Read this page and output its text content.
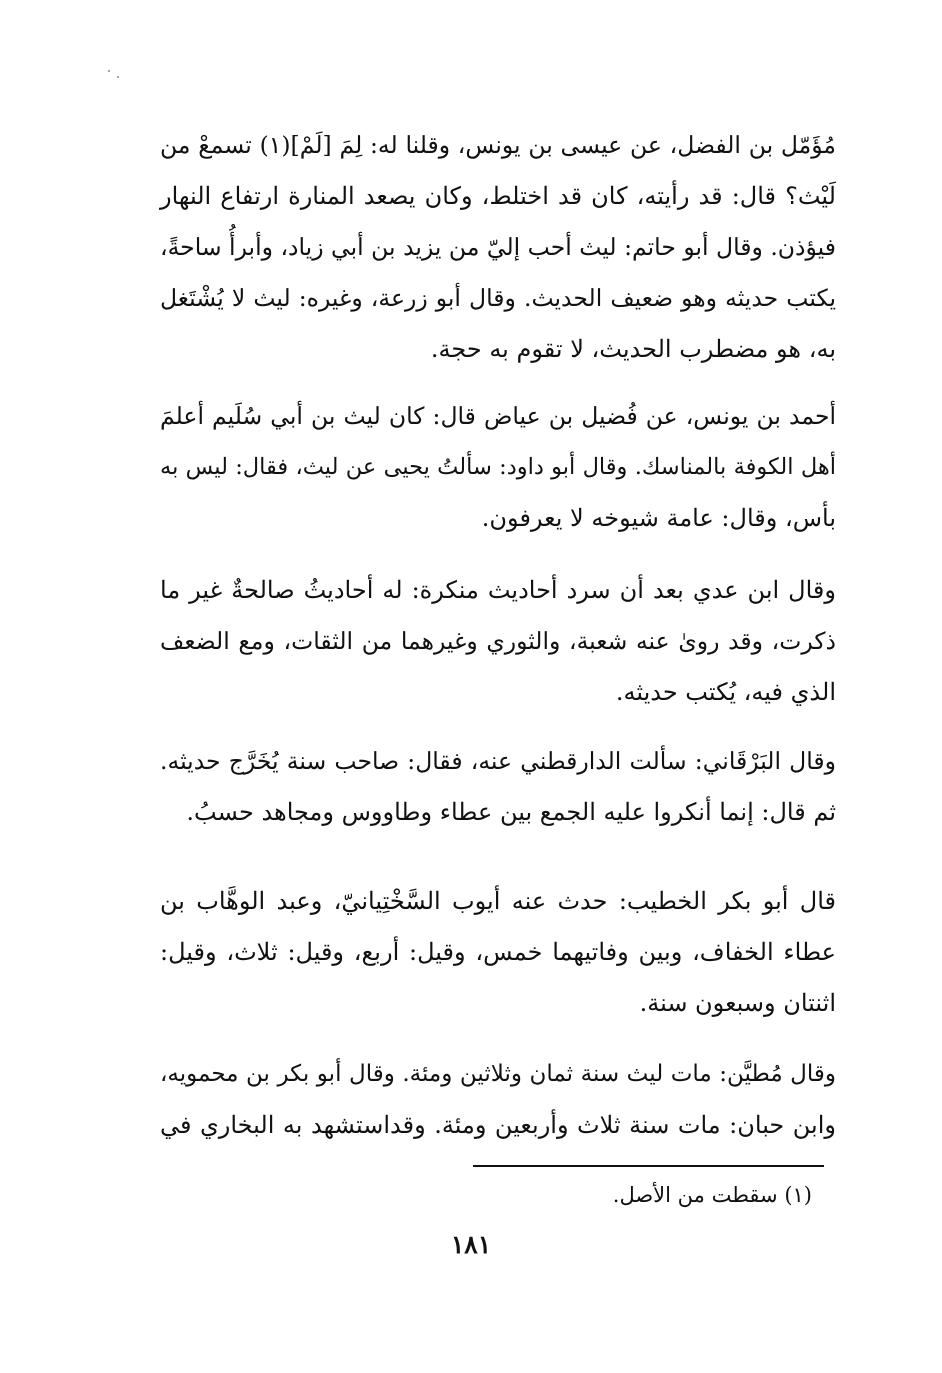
مُؤَمّل بن الفضل، عن عيسى بن يونس، وقلنا له: لِمَ [لَمْ](١) تسمعْ من
لَيْث؟ قال: قد رأيته، كان قد اختلط، وكان يصعد المنارة ارتفاع النهار
فيؤذن. وقال أبو حاتم: ليث أحب إليّ من يزيد بن أبي زياد، وأبرأُ ساحةً،
يكتب حديثه وهو ضعيف الحديث. وقال أبو زرعة، وغيره: ليث لا يُشْتَغل
به، هو مضطرب الحديث، لا تقوم به حجة.
أحمد بن يونس، عن فُضيل بن عياض قال: كان ليث بن أبي سُلَيم أعلمَ
أهل الكوفة بالمناسك. وقال أبو داود: سألتُ يحيى عن ليث، فقال: ليس به
بأس، وقال: عامة شيوخه لا يعرفون.
وقال ابن عدي بعد أن سرد أحاديث منكرة: له أحاديثُ صالحةٌ غير ما
ذكرت، وقد روىٰ عنه شعبة، والثوري وغيرهما من الثقات، ومع الضعف
الذي فيه، يُكتب حديثه.
وقال البَرْقَاني: سألت الدارقطني عنه، فقال: صاحب سنة يُخَرَّج حديثه.
ثم قال: إنما أنكروا عليه الجمع بين عطاء وطاووس ومجاهد حسبُ.
قال أبو بكر الخطيب: حدث عنه أيوب السَّخْتِيانيّ، وعبد الوهَّاب بن
عطاء الخفاف، وبين وفاتيهما خمس، وقيل: أربع، وقيل: ثلاث، وقيل:
اثنتان وسبعون سنة.
وقال مُطيَّن: مات ليث سنة ثمان وثلاثين ومئة. وقال أبو بكر بن محمويه،
وابن حبان: مات سنة ثلاث وأربعين ومئة. وقداستشهد به البخاري في

(١) سقطت من الأصل.

١٨١
